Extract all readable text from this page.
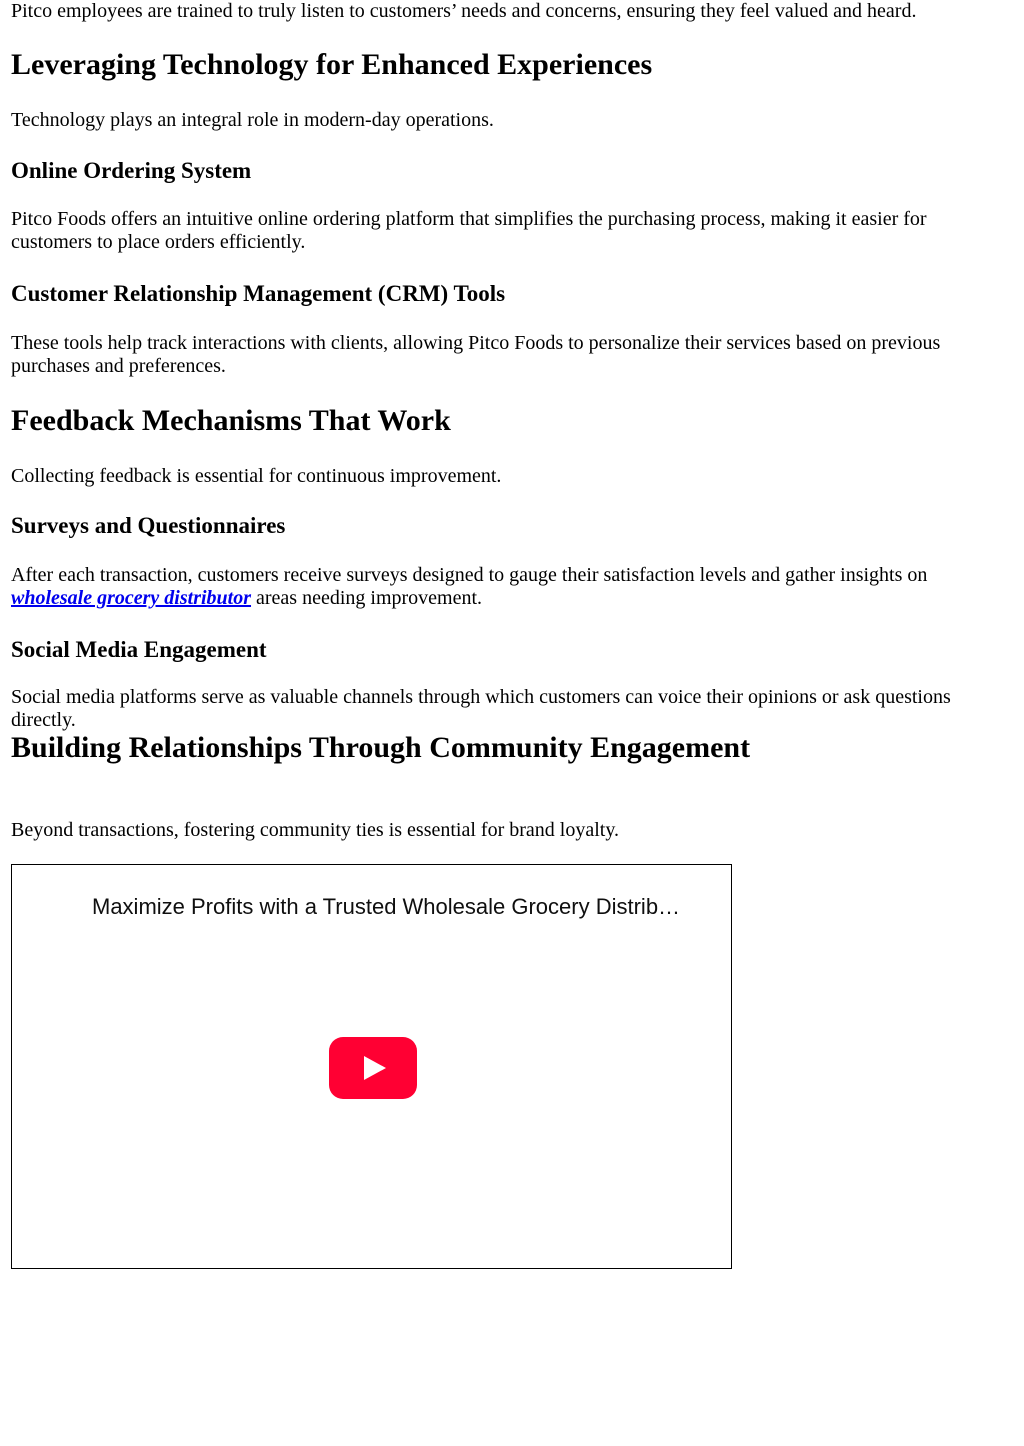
Pitco employees are trained to truly listen to customers’ needs and concerns, ensuring they feel valued and heard.

Leveraging Technology for Enhanced Experiences

Technology plays an integral role in modern-day operations.

Online Ordering System

Pitco Foods offers an intuitive online ordering platform that simplifies the purchasing process, making it easier for customers to place orders efficiently.

Customer Relationship Management (CRM) Tools

These tools help track interactions with clients, allowing Pitco Foods to personalize their services based on previous purchases and preferences.

Feedback Mechanisms That Work

Collecting feedback is essential for continuous improvement.

Surveys and Questionnaires

After each transaction, customers receive surveys designed to gauge their satisfaction levels and gather insights on wholesale grocery distributor areas needing improvement.

Social Media Engagement

Social media platforms serve as valuable channels through which customers can voice their opinions or ask questions directly.

Building Relationships Through Community Engagement

Beyond transactions, fostering community ties is essential for brand loyalty.

Maximize Profits with a Trusted Wholesale Grocery Distrib…
